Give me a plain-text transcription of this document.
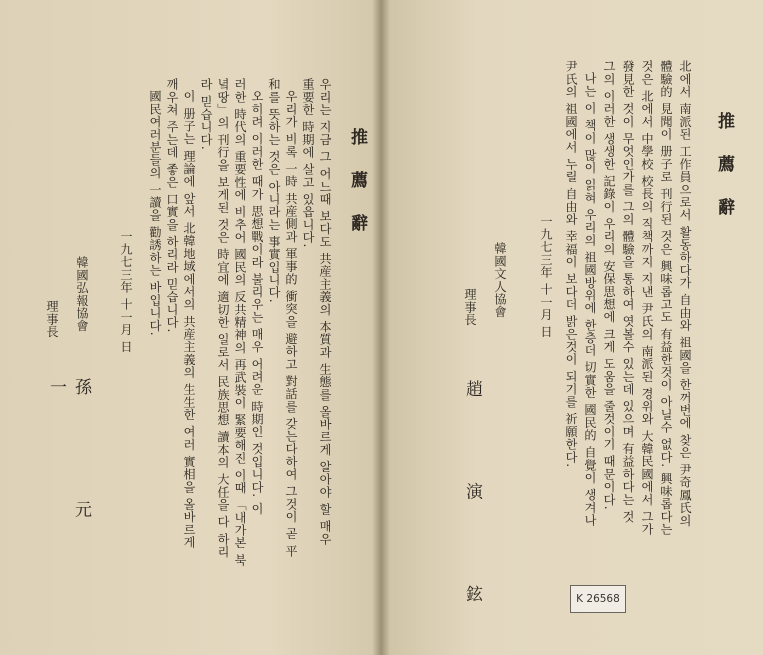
推薦辭
우리는 지금 그 어느때 보다도 共産主義의 本質과 生態를 올바르게 알아야 할 매우
重要한 時期에 살고 있읍니다.
우리가 비록 一時 共産側과 軍事的 衝突을 避하고 對話를 갖는다하여 그것이 곧 平
和를 뜻하는 것은 아니라는 事實입니다.
오히려 이러한 때가 思想戰이라 불리우는 매우 어려운 時期인 것입니다. 이
러한 時代의 重要性에 비추어 國民의 反共精神의 再武裝이 緊要해진 이때 「내가본 북
녘땅」의 刊行을 보게된 것은 時宜에 適切한 일로서 民族思想 讀本의 大任을 다 하리
라 믿습니다.
이 册子는 理論에 앞서 北韓地域에서의 共産主義의 生生한 여러 實相을 올바르게
깨우쳐 주는데 좋은 口實을 하리라 믿습니다.
國民여러분들의 一讀을 勸誘하는 바입니다.
一九七三年 十一月 日
韓國弘報協會
理事長
孫 元 一
推薦辭
北에서 南派된 工作員으로서 활동하다가 自由와 祖國을 한꺼번에 찾은 尹奇鳳氏의
體驗的 見聞이 册子로 刊行된 것은 興味롭고도 有益한것이 아닐수 없다. 興味롭다는
것은 北에서 中學校 校長의 직책까지 지낸 尹氏의 南派된 경위와 大韓民國에서 그가
發見한 것이 무엇인가를 그의 體驗을 통하여 엿볼수 있는데 있으며 有益하다는 것
그의 이러한 생생한 記錄이 우리의 安保思想에 크게 도움을 줄것이기 때문이다.
나는 이 책이 많이 읽혀 우리의 祖國방위에 한층더 切實한 國民的 自覺이 생겨나
尹氏의 祖國에서 누릴 自由와 幸福이 보다더 밝은것이 되기를 祈願한다.
一九七三年 十一月 日
韓國文人協會
理事長
趙 演 鉉	K 26568
